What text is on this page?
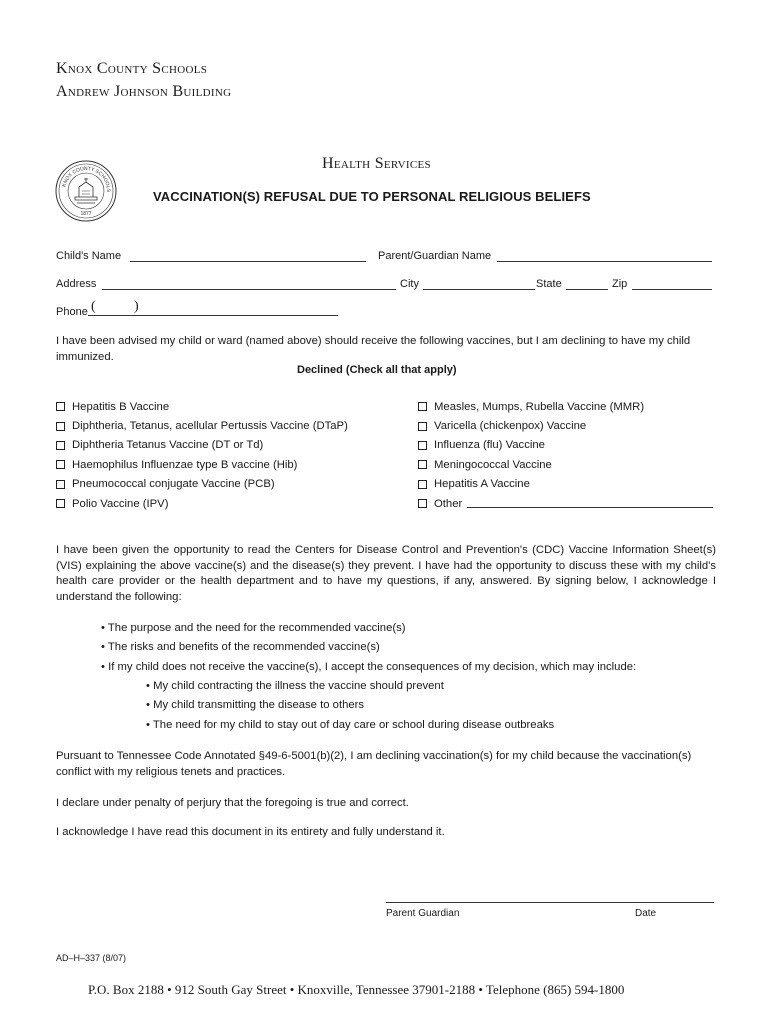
Knox County Schools
Andrew Johnson Building
KNOX COUNTY SCHOOLS
1877
Health Services
VACCINATION(S) REFUSAL DUE TO PERSONAL RELIGIOUS BELIEFS
Child's Name	Parent/Guardian Name
Address	City	State	Zip
Phone (	)
I have been advised my child or ward (named above) should receive the following vaccines, but I am declining to have my child immunized.
Declined (Check all that apply)
Hepatitis B Vaccine
Diphtheria, Tetanus, acellular Pertussis Vaccine (DTaP)
Diphtheria Tetanus Vaccine (DT or Td)
Haemophilus Influenzae type B vaccine (Hib)
Pneumococcal conjugate Vaccine (PCB)
Polio Vaccine (IPV)
Measles, Mumps, Rubella Vaccine (MMR)
Varicella (chickenpox) Vaccine
Influenza (flu) Vaccine
Meningococcal Vaccine
Hepatitis A Vaccine
Other
I have been given the opportunity to read the Centers for Disease Control and Prevention's (CDC) Vaccine Information Sheet(s) (VIS) explaining the above vaccine(s) and the disease(s) they prevent. I have had the opportunity to discuss these with my child's health care provider or the health department and to have my questions, if any, answered. By signing below, I acknowledge I understand the following:
• The purpose and the need for the recommended vaccine(s)
• The risks and benefits of the recommended vaccine(s)
• If my child does not receive the vaccine(s), I accept the consequences of my decision, which may include:
• My child contracting the illness the vaccine should prevent
• My child transmitting the disease to others
• The need for my child to stay out of day care or school during disease outbreaks
Pursuant to Tennessee Code Annotated §49-6-5001(b)(2), I am declining vaccination(s) for my child because the vaccination(s) conflict with my religious tenets and practices.
I declare under penalty of perjury that the foregoing is true and correct.
I acknowledge I have read this document in its entirety and fully understand it.
Parent Guardian	Date
AD–H–337 (8/07)
P.O. Box 2188 • 912 South Gay Street • Knoxville, Tennessee 37901-2188 • Telephone (865) 594-1800
